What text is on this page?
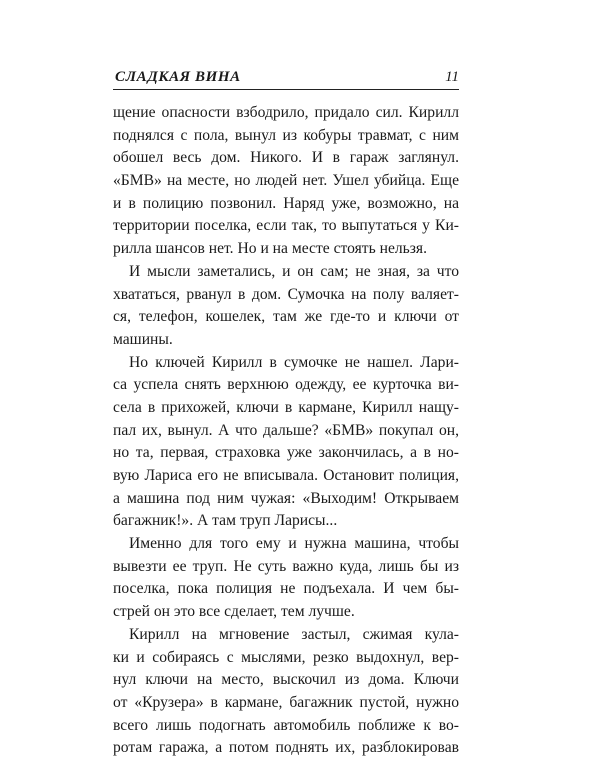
СЛАДКАЯ ВИНА	11
щение опасности взбодрило, придало сил. Кирилл
поднялся с пола, вынул из кобуры травмат, с ним
обошел весь дом. Никого. И в гараж заглянул.
«БМВ» на месте, но людей нет. Ушел убийца. Еще
и в полицию позвонил. Наряд уже, возможно, на
территории поселка, если так, то выпутаться у Ки-
рилла шансов нет. Но и на месте стоять нельзя.
И мысли заметались, и он сам; не зная, за что
хвататься, рванул в дом. Сумочка на полу валяет-
ся, телефон, кошелек, там же где-то и ключи от
машины.
Но ключей Кирилл в сумочке не нашел. Лари-
са успела снять верхнюю одежду, ее курточка ви-
села в прихожей, ключи в кармане, Кирилл нащу-
пал их, вынул. А что дальше? «БМВ» покупал он,
но та, первая, страховка уже закончилась, а в но-
вую Лариса его не вписывала. Остановит полиция,
а машина под ним чужая: «Выходим! Открываем
багажник!». А там труп Ларисы...
Именно для того ему и нужна машина, чтобы
вывезти ее труп. Не суть важно куда, лишь бы из
поселка, пока полиция не подъехала. И чем бы-
стрей он это все сделает, тем лучше.
Кирилл на мгновение застыл, сжимая кула-
ки и собираясь с мыслями, резко выдохнул, вер-
нул ключи на место, выскочил из дома. Ключи
от «Крузера» в кармане, багажник пустой, нужно
всего лишь подогнать автомобиль поближе к во-
ротам гаража, а потом поднять их, разблокировав
